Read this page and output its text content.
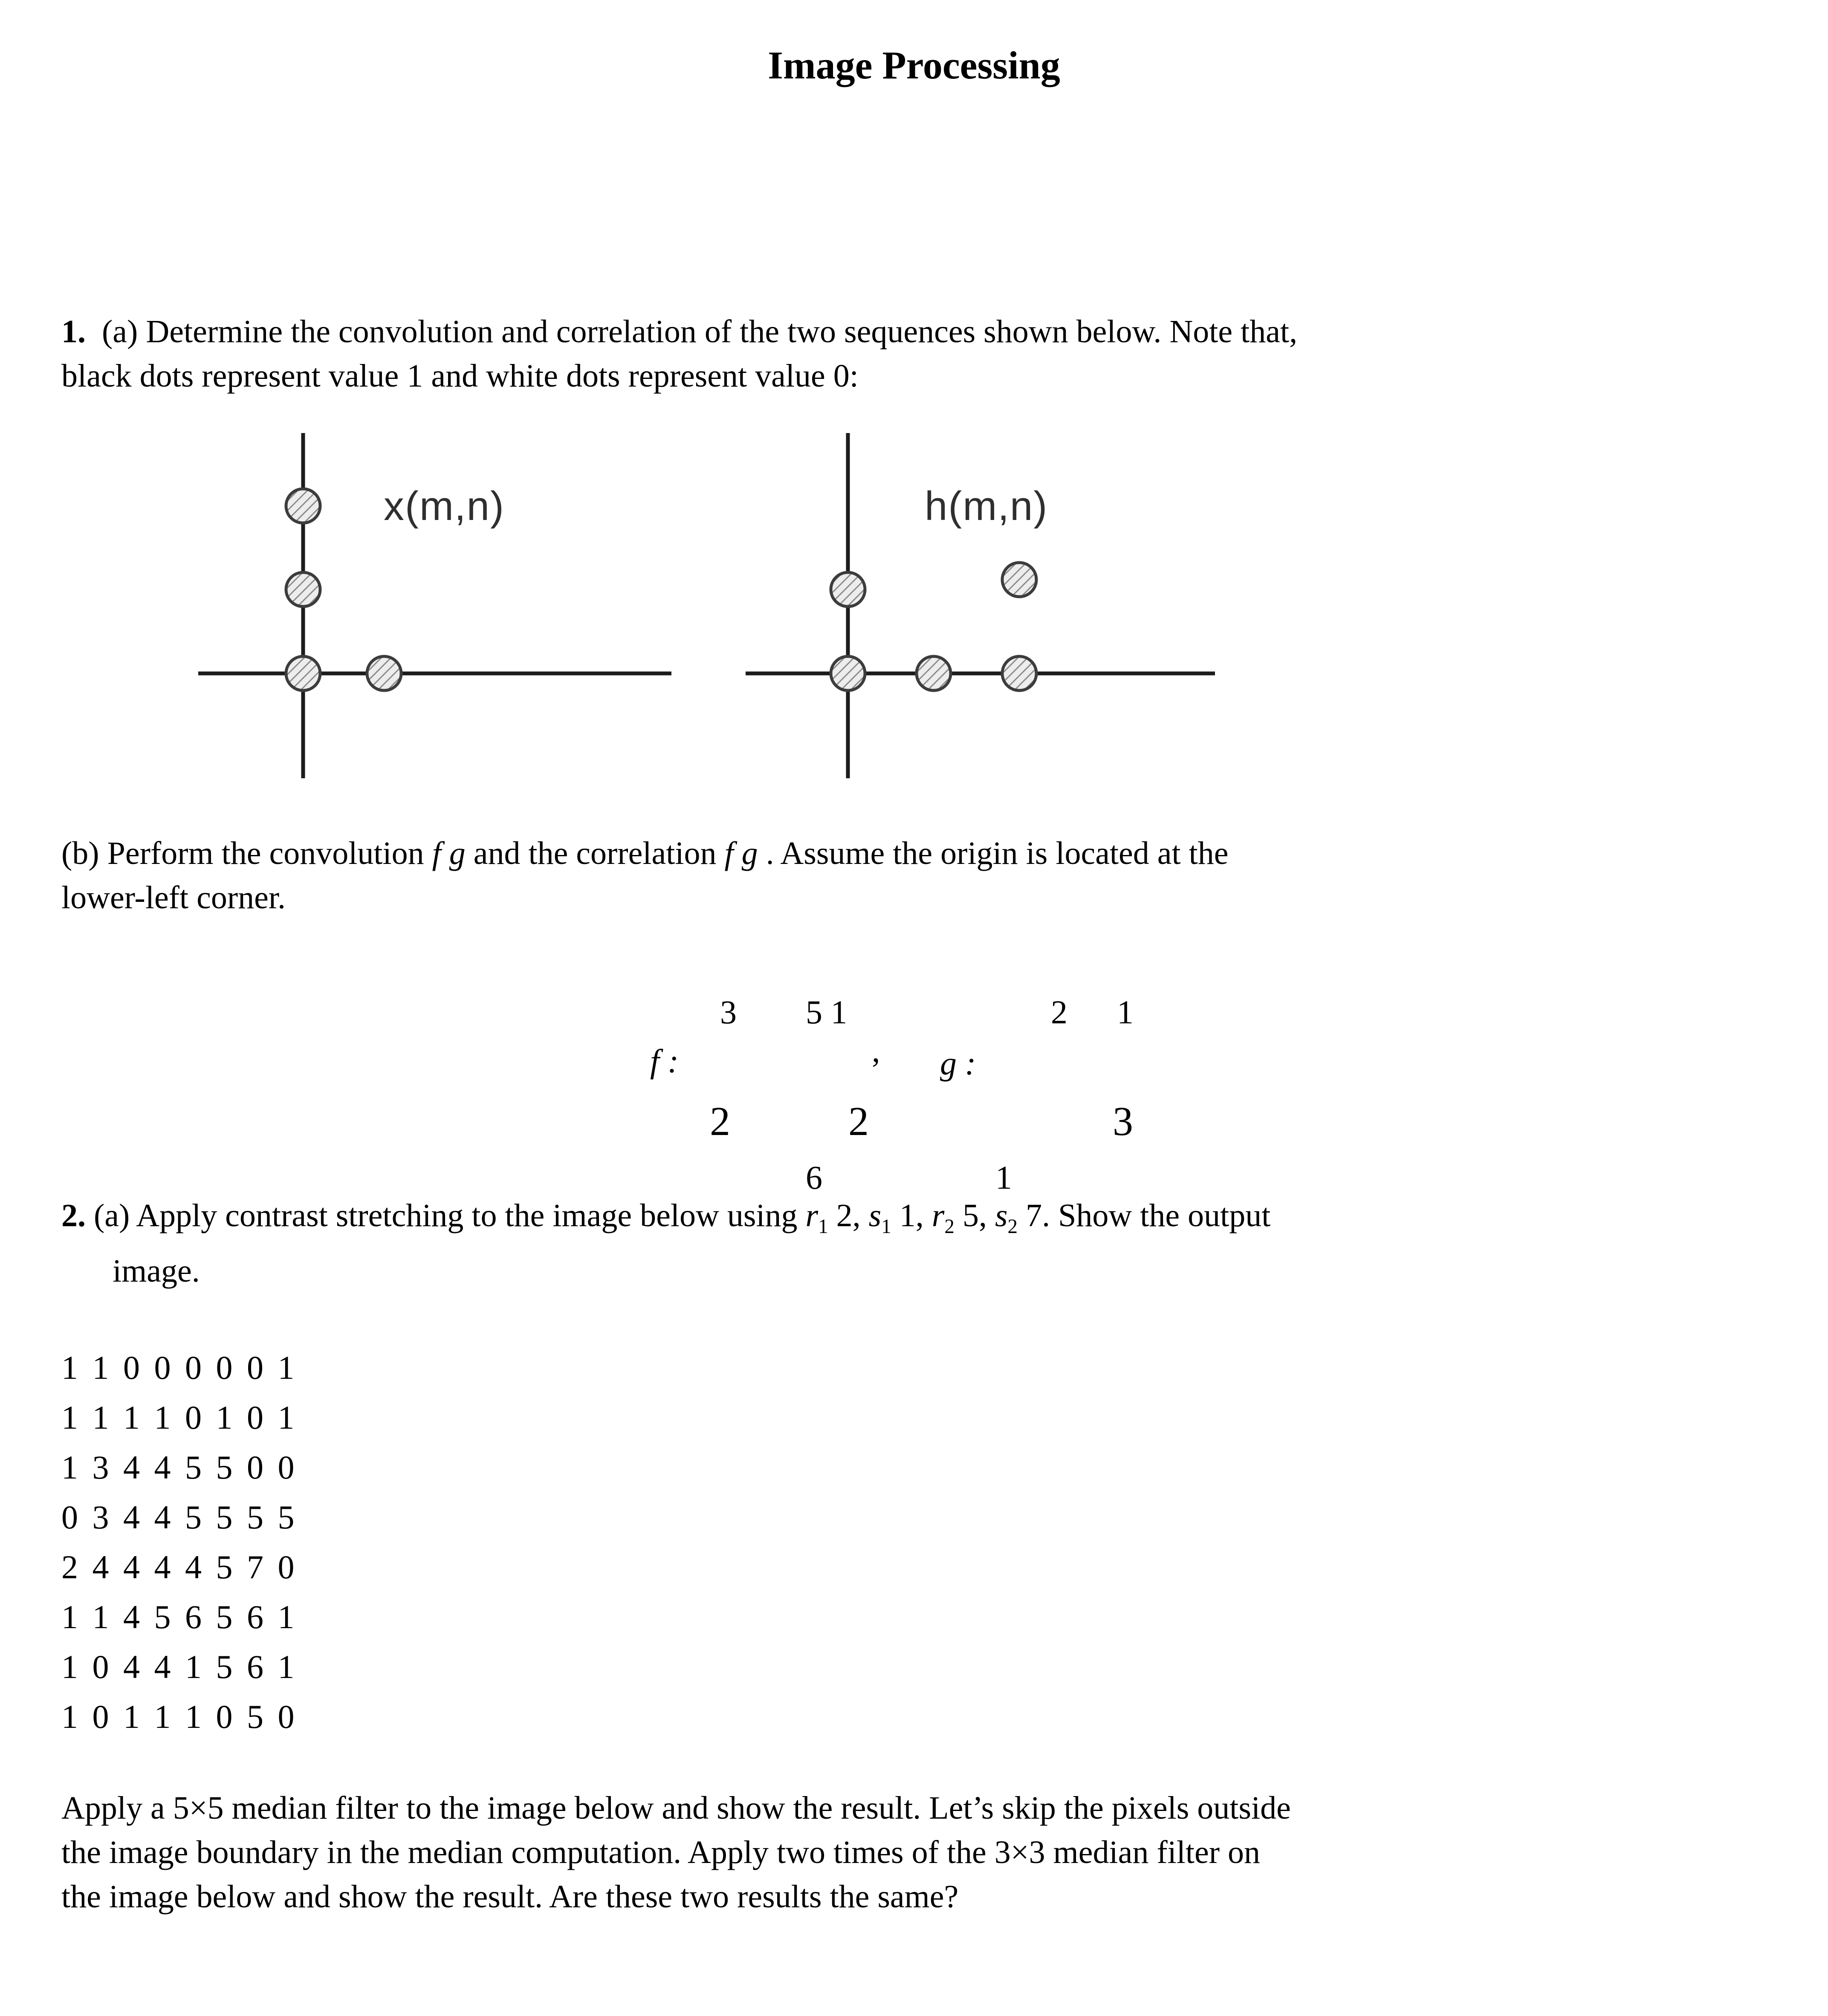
Image Processing

1.  (a) Determine the convolution and correlation of the two sequences shown below. Note that,
black dots represent value 1 and white dots represent value 0:

x(m,n)	h(m,n)

(b) Perform the convolution f g and the correlation f g . Assume the origin is located at the
lower-left corner.

3 5 1	2 1
f :	, g :
2	2	3
6	1

2. (a) Apply contrast stretching to the image below using $r_1$ 2, $s_1$ 1, $r_2$ 5, $s_2$ 7. Show the output
image.

1 1 0 0 0 0 0 1
1 1 1 1 0 1 0 1
1 3 4 4 5 5 0 0
0 3 4 4 5 5 5 5
2 4 4 4 4 5 7 0
1 1 4 5 6 5 6 1
1 0 4 4 1 5 6 1
1 0 1 1 1 0 5 0

Apply a 5×5 median filter to the image below and show the result. Let’s skip the pixels outside
the image boundary in the median computation. Apply two times of the 3×3 median filter on
the image below and show the result. Are these two results the same?
